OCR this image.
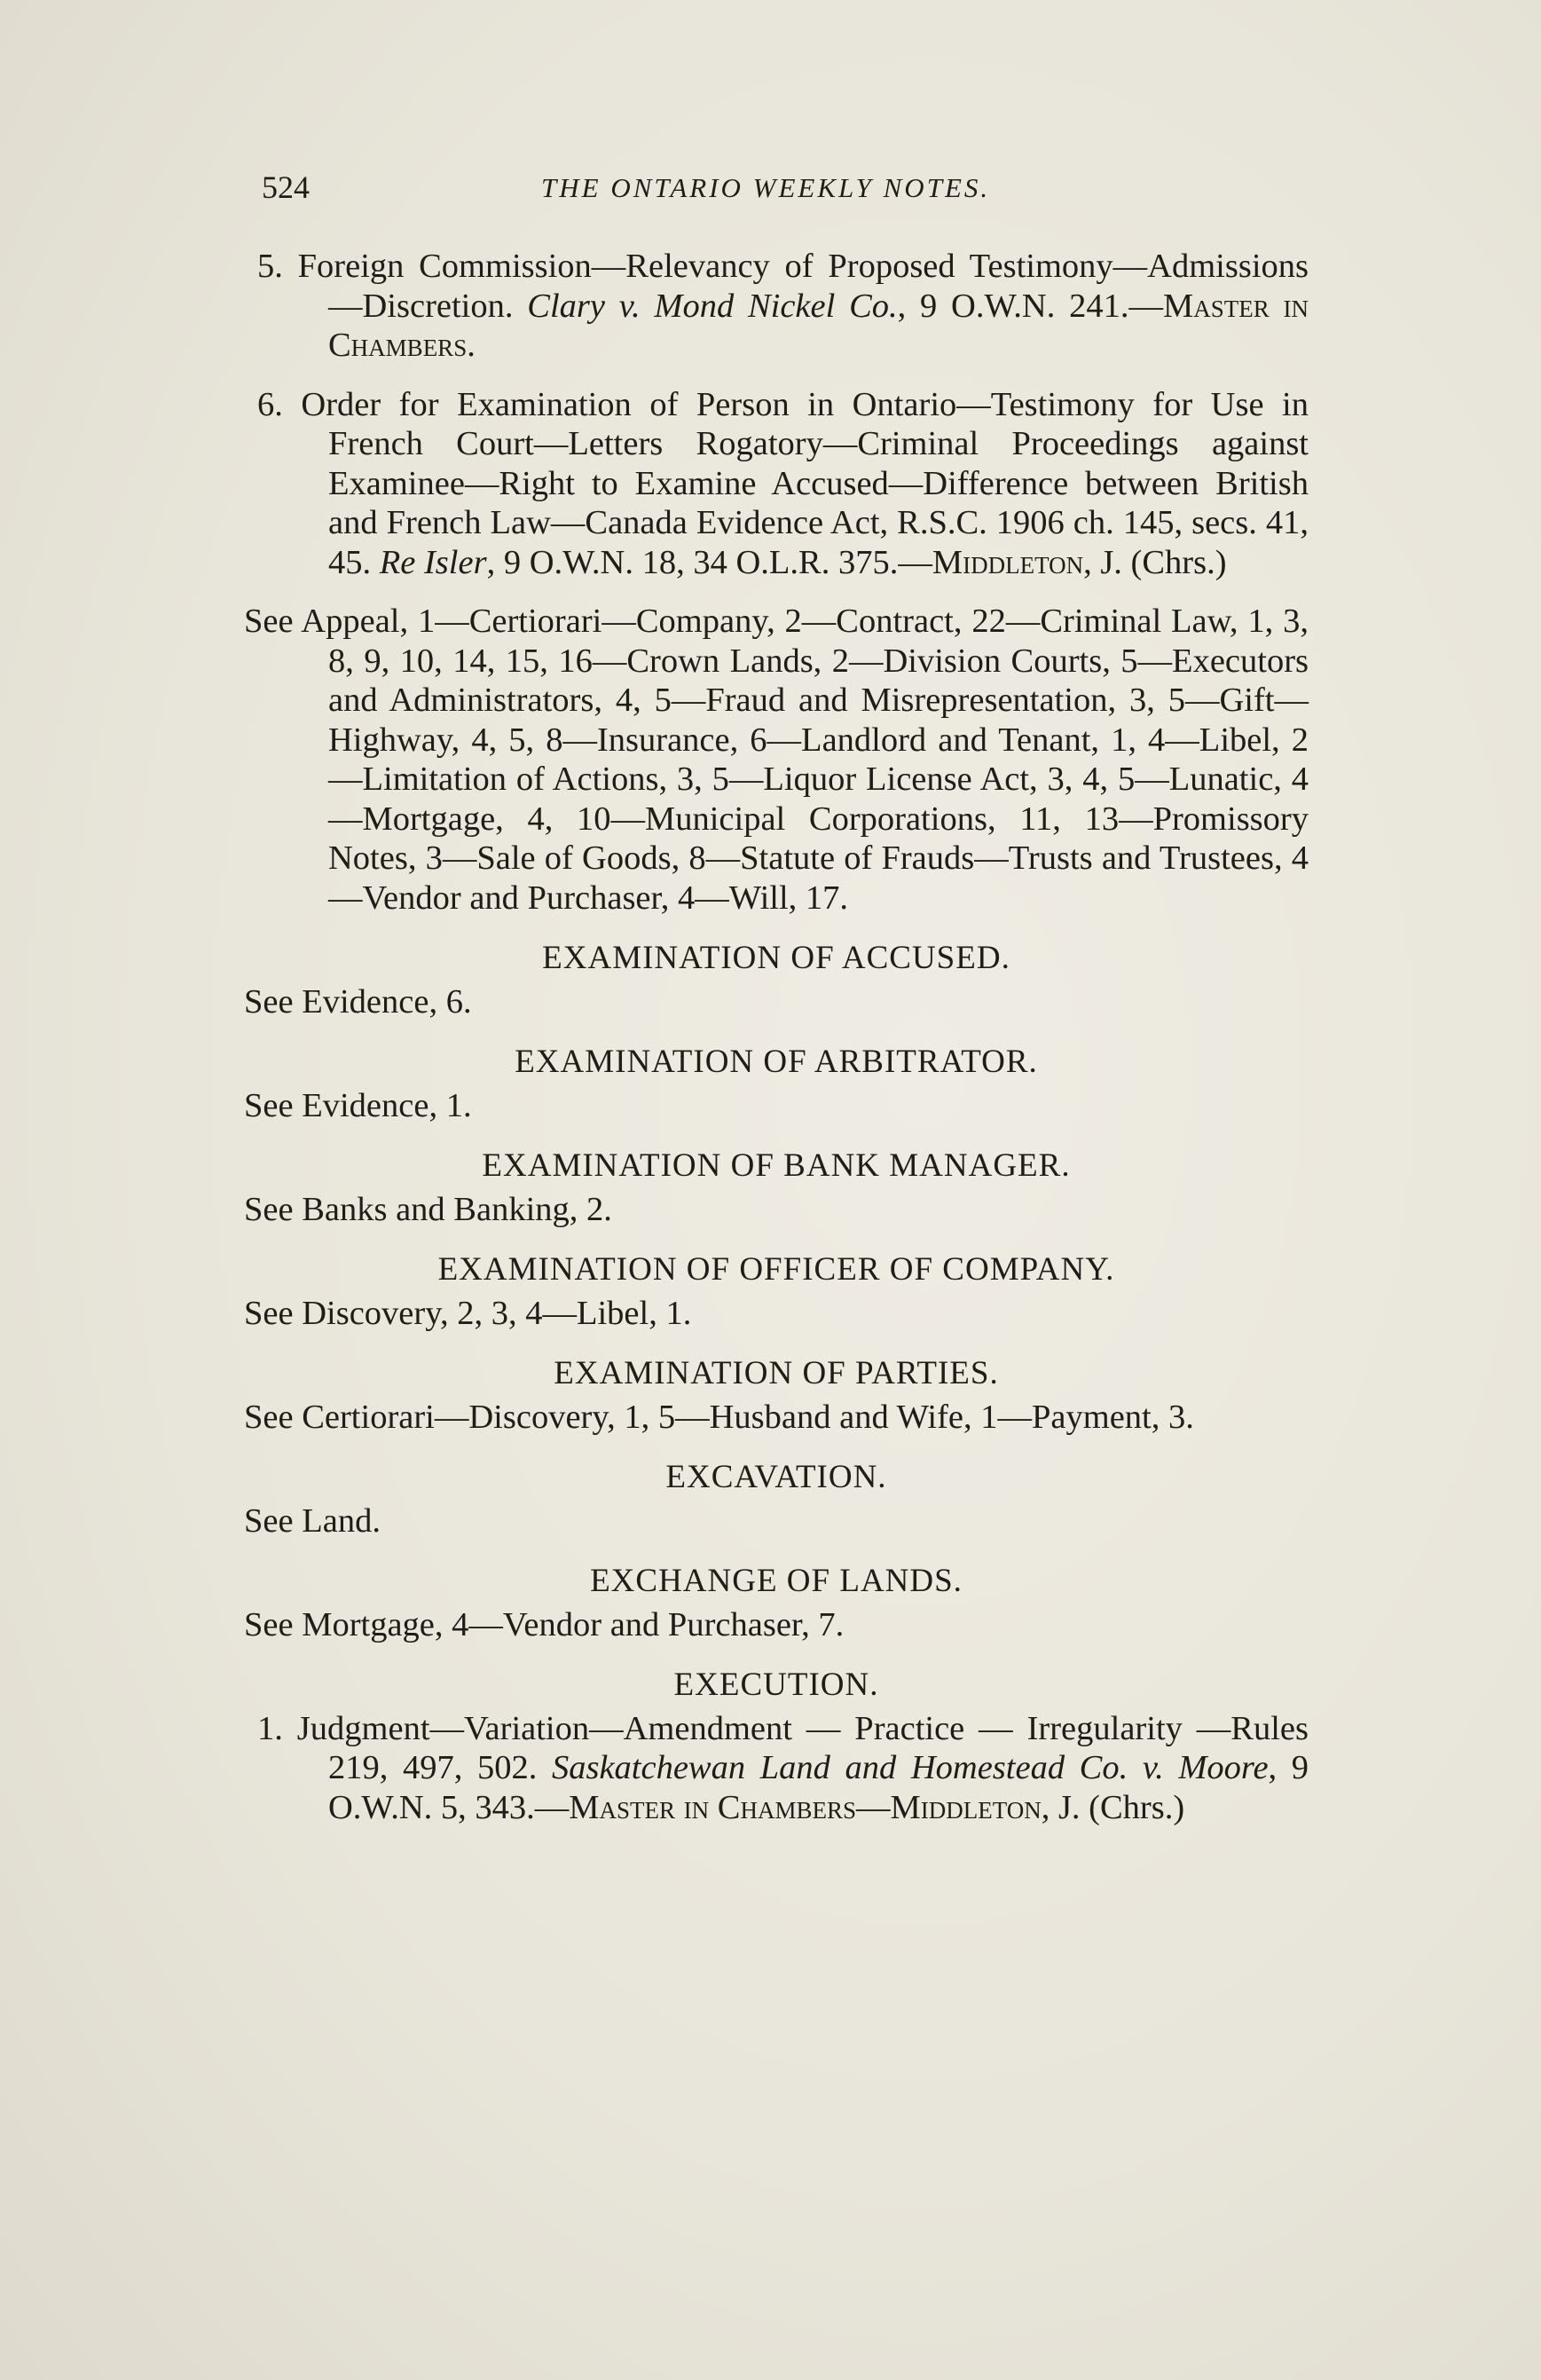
524	THE ONTARIO WEEKLY NOTES.

5. Foreign Commission—Relevancy of Proposed Testimony—Admissions—Discretion. Clary v. Mond Nickel Co., 9 O.W.N. 241.—Master in Chambers.

6. Order for Examination of Person in Ontario—Testimony for Use in French Court—Letters Rogatory—Criminal Proceedings against Examinee—Right to Examine Accused—Difference between British and French Law—Canada Evidence Act, R.S.C. 1906 ch. 145, secs. 41, 45. Re Isler, 9 O.W.N. 18, 34 O.L.R. 375.—Middleton, J. (Chrs.)

See Appeal, 1—Certiorari—Company, 2—Contract, 22—Criminal Law, 1, 3, 8, 9, 10, 14, 15, 16—Crown Lands, 2—Division Courts, 5—Executors and Administrators, 4, 5—Fraud and Misrepresentation, 3, 5—Gift—Highway, 4, 5, 8—Insurance, 6—Landlord and Tenant, 1, 4—Libel, 2—Limitation of Actions, 3, 5—Liquor License Act, 3, 4, 5—Lunatic, 4—Mortgage, 4, 10—Municipal Corporations, 11, 13—Promissory Notes, 3—Sale of Goods, 8—Statute of Frauds—Trusts and Trustees, 4—Vendor and Purchaser, 4—Will, 17.

EXAMINATION OF ACCUSED.

See Evidence, 6.

EXAMINATION OF ARBITRATOR.

See Evidence, 1.

EXAMINATION OF BANK MANAGER.

See Banks and Banking, 2.

EXAMINATION OF OFFICER OF COMPANY.

See Discovery, 2, 3, 4—Libel, 1.

EXAMINATION OF PARTIES.

See Certiorari—Discovery, 1, 5—Husband and Wife, 1—Payment, 3.

EXCAVATION.

See Land.

EXCHANGE OF LANDS.

See Mortgage, 4—Vendor and Purchaser, 7.

EXECUTION.

1. Judgment—Variation—Amendment — Practice — Irregularity —Rules 219, 497, 502. Saskatchewan Land and Homestead Co. v. Moore, 9 O.W.N. 5, 343.—Master in Chambers—Middleton, J. (Chrs.)
